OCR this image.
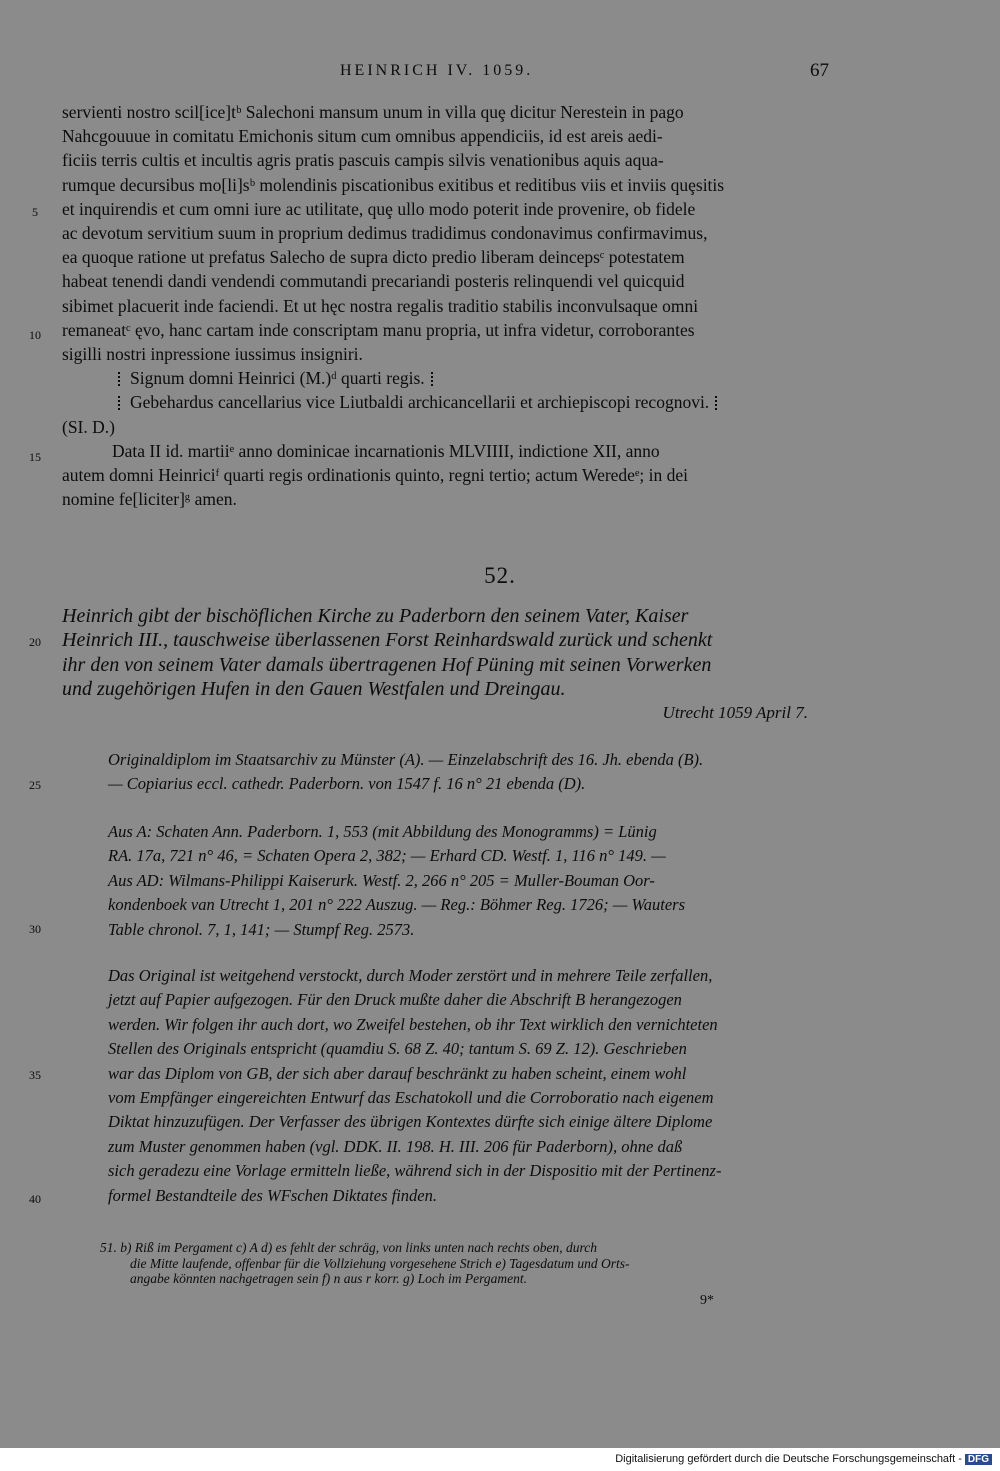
HEINRICH IV. 1059.	67

servienti nostro scil[ice]tᵇ Salechoni mansum unum in villa quȩ dicitur Nerestein in pago

Nahcgouuue in comitatu Emichonis situm cum omnibus appendiciis, id est areis aedi-

ficiis terris cultis et incultis agris pratis pascuis campis silvis venationibus aquis aqua-

rumque decursibus mo[li]sᵇ molendinis piscationibus exitibus et reditibus viis et inviis quȩsitis

et inquirendis et cum omni iure ac utilitate, quȩ ullo modo poterit inde provenire, ob fidele

ac devotum servitium suum in proprium dedimus tradidimus condonavimus confirmavimus,

ea quoque ratione ut prefatus Salecho de supra dicto predio liberam deincepsᶜ potestatem

habeat tenendi dandi vendendi commutandi precariandi posteris relinquendi vel quicquid

sibimet placuerit inde faciendi. Et ut hęc nostra regalis traditio stabilis inconvulsaque omni

remaneatᶜ ęvo, hanc cartam inde conscriptam manu propria, ut infra videtur, corroborantes

sigilli nostri inpressione iussimus insigniri.

Signum domni Heinrici (M.)ᵈ quarti regis.

Gebehardus cancellarius vice Liutbaldi archicancellarii et archiepiscopi recognovi.

(SI. D.)

Data II id. martiiᵉ anno dominicae incarnationis MLVIIII, indictione XII, anno

autem domni Heinriciᶠ quarti regis ordinationis quinto, regni tertio; actum Weredeᵉ; in dei

nomine fe[liciter]ᵍ amen.

5
10
15
20
25
30
35
40
52.

Heinrich gibt der bischöflichen Kirche zu Paderborn den seinem Vater, Kaiser

Heinrich III., tauschweise überlassenen Forst Reinhardswald zurück und schenkt

ihr den von seinem Vater damals übertragenen Hof Püning mit seinen Vorwerken

und zugehörigen Hufen in den Gauen Westfalen und Dreingau.

Utrecht 1059 April 7.

Originaldiplom im Staatsarchiv zu Münster (A). — Einzelabschrift des 16. Jh. ebenda (B).

— Copiarius eccl. cathedr. Paderborn. von 1547 f. 16 n° 21 ebenda (D).

Aus A: Schaten Ann. Paderborn. 1, 553 (mit Abbildung des Monogramms) = Lünig

RA. 17a, 721 n° 46, = Schaten Opera 2, 382; — Erhard CD. Westf. 1, 116 n° 149. —

Aus AD: Wilmans-Philippi Kaiserurk. Westf. 2, 266 n° 205 = Muller-Bouman Oor-

kondenboek van Utrecht 1, 201 n° 222 Auszug. — Reg.: Böhmer Reg. 1726; — Wauters

Table chronol. 7, 1, 141; — Stumpf Reg. 2573.

Das Original ist weitgehend verstockt, durch Moder zerstört und in mehrere Teile zerfallen,

jetzt auf Papier aufgezogen. Für den Druck mußte daher die Abschrift B herangezogen

werden. Wir folgen ihr auch dort, wo Zweifel bestehen, ob ihr Text wirklich den vernichteten

Stellen des Originals entspricht (quamdiu S. 68 Z. 40; tantum S. 69 Z. 12). Geschrieben

war das Diplom von GB, der sich aber darauf beschränkt zu haben scheint, einem wohl

vom Empfänger eingereichten Entwurf das Eschatokoll und die Corroboratio nach eigenem

Diktat hinzuzufügen. Der Verfasser des übrigen Kontextes dürfte sich einige ältere Diplome

zum Muster genommen haben (vgl. DDK. II. 198. H. III. 206 für Paderborn), ohne daß

sich geradezu eine Vorlage ermitteln ließe, während sich in der Dispositio mit der Pertinenz-

formel Bestandteile des WFschen Diktates finden.

51. b) Riß im Pergament c) A d) es fehlt der schräg, von links unten nach rechts oben, durch

die Mitte laufende, offenbar für die Vollziehung vorgesehene Strich e) Tagesdatum und Orts-

angabe könnten nachgetragen sein f) n aus r korr. g) Loch im Pergament.

9*
Digitalisierung gefördert durch die Deutsche Forschungsgemeinschaft - DFG
